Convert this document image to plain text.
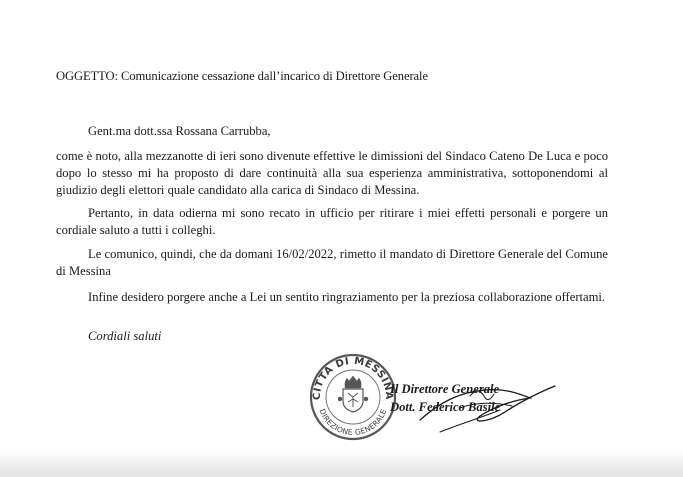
OGGETTO: Comunicazione cessazione dall’incarico di Direttore Generale
Gent.ma dott.ssa Rossana Carrubba,
come è noto, alla mezzanotte di ieri sono divenute effettive le dimissioni del Sindaco Cateno De Luca e poco dopo lo stesso mi ha proposto di dare continuità alla sua esperienza amministrativa, sottoponendomi al giudizio degli elettori quale candidato alla carica di Sindaco di Messina.
Pertanto, in data odierna mi sono recato in ufficio per ritirare i miei effetti personali e porgere un cordiale saluto a tutti i colleghi.
Le comunico, quindi, che da domani 16/02/2022, rimetto il mandato di Direttore Generale del Comune di Messina
Infine desidero porgere anche a Lei un sentito ringraziamento per la preziosa collaborazione offertami.
Cordiali saluti
CITTÀ DI MESSINA
DIREZIONE GENERALE
Il Direttore Generale
Dott. Federico Basile
